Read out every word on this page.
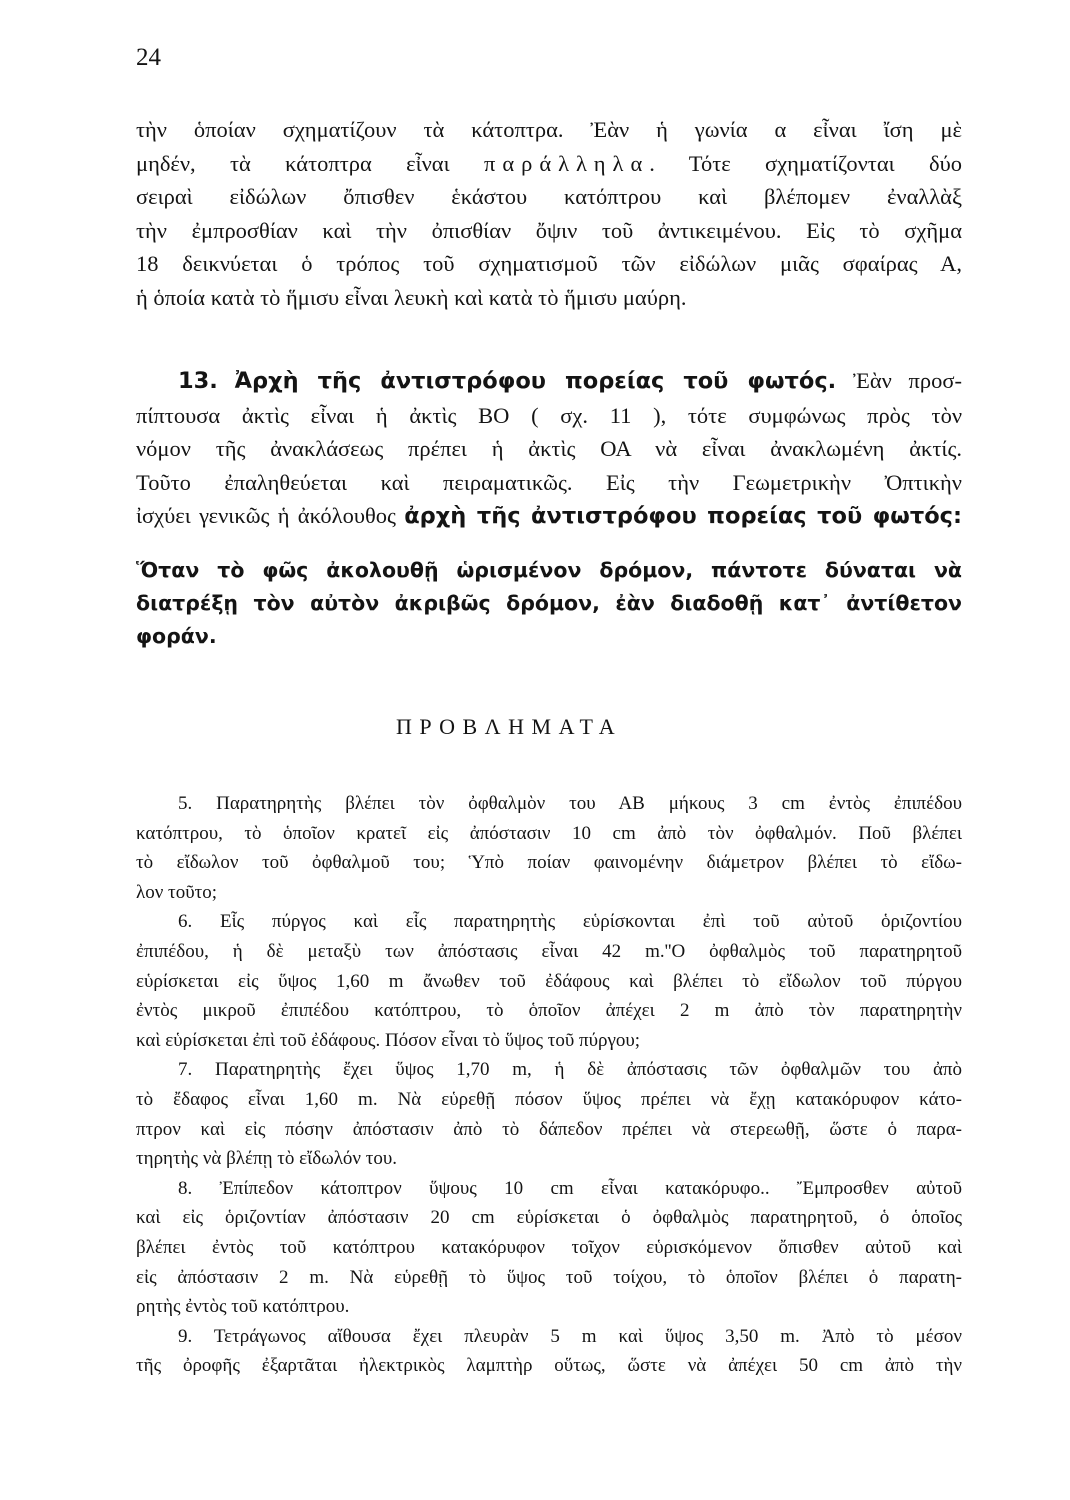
24
τὴν ὁποίαν σχηματίζουν τὰ κάτοπτρα. Ἐὰν ἡ γωνία α εἶναι ἴση μὲ
μηδέν, τὰ κάτοπτρα εἶναι παράλληλα. Τότε σχηματίζονται δύο
σειραὶ εἰδώλων ὄπισθεν ἑκάστου κατόπτρου καὶ βλέπομεν ἐναλλὰξ
τὴν ἐμπροσθίαν καὶ τὴν ὀπισθίαν ὄψιν τοῦ ἀντικειμένου. Εἰς τὸ σχῆμα
18 δεικνύεται ὁ τρόπος τοῦ σχηματισμοῦ τῶν εἰδώλων μιᾶς σφαίρας Α,
ἡ ὁποία κατὰ τὸ ἥμισυ εἶναι λευκὴ καὶ κατὰ τὸ ἥμισυ μαύρη.
13. Ἀρχὴ τῆς ἀντιστρόφου πορείας τοῦ φωτός. Ἐὰν προσ-
πίπτουσα ἀκτὶς εἶναι ἡ ἀκτὶς ΒΟ ( σχ. 11 ), τότε συμφώνως πρὸς τὸν
νόμον τῆς ἀνακλάσεως πρέπει ἡ ἀκτὶς ΟΑ νὰ εἶναι ἀνακλωμένη ἀκτίς.
Τοῦτο ἐπαληθεύεται καὶ πειραματικῶς. Εἰς τὴν Γεωμετρικὴν Ὀπτικὴν
ἰσχύει γενικῶς ἡ ἀκόλουθος ἀρχὴ τῆς ἀντιστρόφου πορείας τοῦ φωτός:
Ὅταν τὸ φῶς ἀκολουθῇ ὡρισμένον δρόμον, πάντοτε δύναται νὰ
διατρέξῃ τὸν αὐτὸν ἀκριβῶς δρόμον, ἐὰν διαδοθῇ κατ᾽ ἀντίθετον
φοράν.
ΠΡΟΒΛΗΜΑΤΑ
5. Παρατηρητὴς βλέπει τὸν ὀφθαλμὸν του ΑΒ μήκους 3 cm ἐντὸς ἐπιπέδου
κατόπτρου, τὸ ὁποῖον κρατεῖ εἰς ἀπόστασιν 10 cm ἀπὸ τὸν ὀφθαλμόν. Ποῦ βλέπει
τὸ εἴδωλον τοῦ ὀφθαλμοῦ του; Ὑπὸ ποίαν φαινομένην διάμετρον βλέπει τὸ εἴδω-
λον τοῦτο;
6. Εἷς πύργος καὶ εἷς παρατηρητὴς εὑρίσκονται ἐπὶ τοῦ αὐτοῦ ὁριζοντίου
ἐπιπέδου, ἡ δὲ μεταξὺ των ἀπόστασις εἶναι 42 m.''Ο ὀφθαλμὸς τοῦ παρατηρητοῦ
εὑρίσκεται εἰς ὕψος 1,60 m ἄνωθεν τοῦ ἐδάφους καὶ βλέπει τὸ εἴδωλον τοῦ πύργου
ἐντὸς μικροῦ ἐπιπέδου κατόπτρου, τὸ ὁποῖον ἀπέχει 2 m ἀπὸ τὸν παρατηρητὴν
καὶ εὑρίσκεται ἐπὶ τοῦ ἐδάφους. Πόσον εἶναι τὸ ὕψος τοῦ πύργου;
7. Παρατηρητὴς ἔχει ὕψος 1,70 m, ἡ δὲ ἀπόστασις τῶν ὀφθαλμῶν του ἀπὸ
τὸ ἔδαφος εἶναι 1,60 m. Νὰ εὑρεθῇ πόσον ὕψος πρέπει νὰ ἔχῃ κατακόρυφον κάτο-
πτρον καὶ εἰς πόσην ἀπόστασιν ἀπὸ τὸ δάπεδον πρέπει νὰ στερεωθῇ, ὥστε ὁ παρα-
τηρητὴς νὰ βλέπῃ τὸ εἴδωλόν του.
8. Ἐπίπεδον κάτοπτρον ὕψους 10 cm εἶναι κατακόρυφο.. Ἔμπροσθεν αὐτοῦ
καὶ εἰς ὁριζοντίαν ἀπόστασιν 20 cm εὑρίσκεται ὁ ὀφθαλμὸς παρατηρητοῦ, ὁ ὁποῖος
βλέπει ἐντὸς τοῦ κατόπτρου κατακόρυφον τοῖχον εὑρισκόμενον ὄπισθεν αὐτοῦ καὶ
εἰς ἀπόστασιν 2 m. Νὰ εὑρεθῇ τὸ ὕψος τοῦ τοίχου, τὸ ὁποῖον βλέπει ὁ παρατη-
ρητὴς ἐντὸς τοῦ κατόπτρου.
9. Τετράγωνος αἴθουσα ἔχει πλευρὰν 5 m καὶ ὕψος 3,50 m. Ἀπὸ τὸ μέσον
τῆς ὀροφῆς ἐξαρτᾶται ἠλεκτρικὸς λαμπτὴρ οὕτως, ὥστε νὰ ἀπέχει 50 cm ἀπὸ τὴν
